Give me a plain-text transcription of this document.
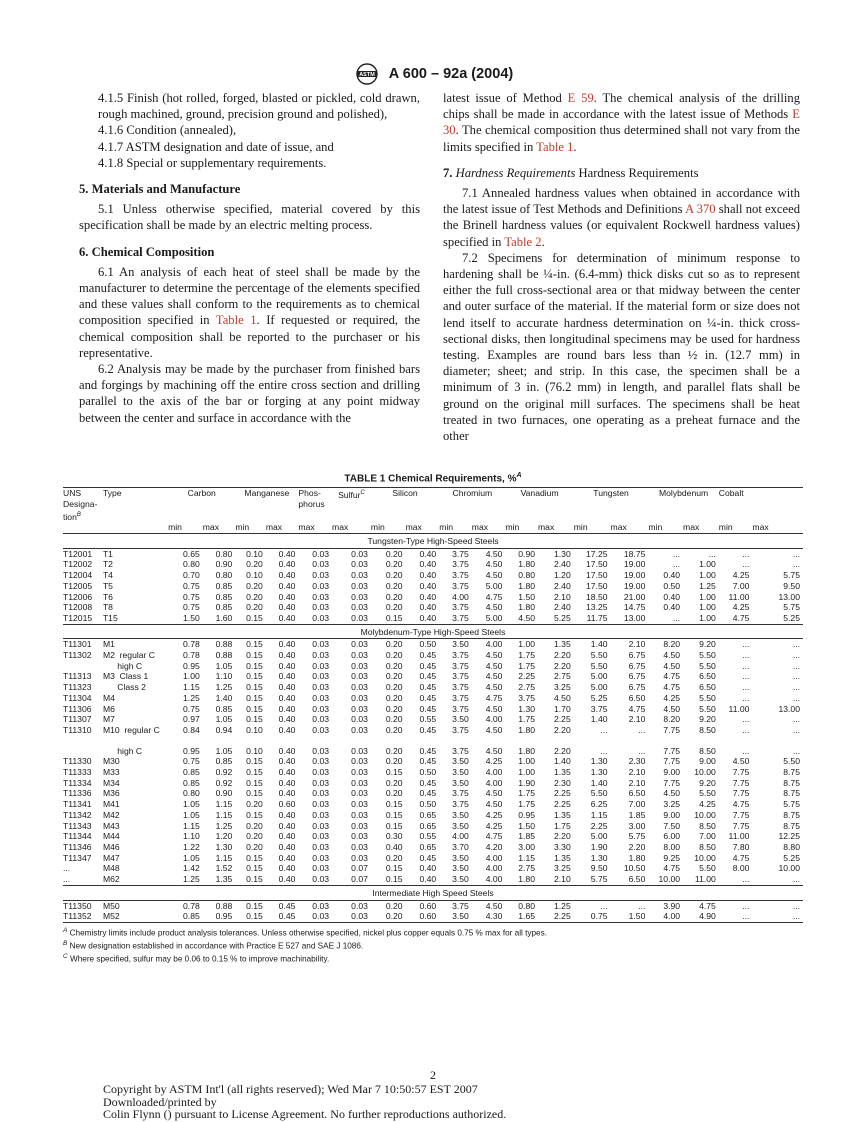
ASTM A 600 – 92a (2004)

4.1.5 Finish (hot rolled, forged, blasted or pickled, cold drawn, rough machined, ground, precision ground and polished),

4.1.6 Condition (annealed),

4.1.7 ASTM designation and date of issue, and

4.1.8 Special or supplementary requirements.

5. Materials and Manufacture

5.1 Unless otherwise specified, material covered by this specification shall be made by an electric melting process.

6. Chemical Composition

6.1 An analysis of each heat of steel shall be made by the manufacturer to determine the percentage of the elements specified and these values shall conform to the requirements as to chemical composition specified in Table 1. If requested or required, the chemical composition shall be reported to the purchaser or his representative.

6.2 Analysis may be made by the purchaser from finished bars and forgings by machining off the entire cross section and drilling parallel to the axis of the bar or forging at any point midway between the center and surface in accordance with the

latest issue of Method E 59. The chemical analysis of the drilling chips shall be made in accordance with the latest issue of Methods E 30. The chemical composition thus determined shall not vary from the limits specified in Table 1.

7. Hardness Requirements Hardness Requirements

7.1 Annealed hardness values when obtained in accordance with the latest issue of Test Methods and Definitions A 370 shall not exceed the Brinell hardness values (or equivalent Rockwell hardness values) specified in Table 2.

7.2 Specimens for determination of minimum response to hardening shall be ¼-in. (6.4-mm) thick disks cut so as to represent either the full cross-sectional area or that midway between the center and outer surface of the material. If the material form or size does not lend itself to accurate hardness determination on ¼-in. thick cross-sectional disks, then longitudinal specimens may be used for hardness testing. Examples are round bars less than ½ in. (12.7 mm) in diameter; sheet; and strip. In this case, the specimen shall be a minimum of 3 in. (76.2 mm) in length, and parallel flats shall be ground on the original mill surfaces. The specimens shall be heat treated in two furnaces, one operating as a preheat furnace and the other

TABLE 1 Chemical Requirements, %$^A$
UNS
Designa-
tion$^B$	Type	Carbon		Manganese		Phos-
phorus	Sulfur$^C$	Silicon		Chromium		Vanadium		Tungsten		Molybdenum		Cobalt	
		min	max	min	max	max	max	min	max	min	max	min	max	min	max	min	max	min	max
Tungsten-Type High-Speed Steels																			
T12001	T1	0.65	0.80	0.10	0.40	0.03	0.03	0.20	0.40	3.75	4.50	0.90	1.30	17.25	18.75	...	...	...	...
T12002	T2	0.80	0.90	0.20	0.40	0.03	0.03	0.20	0.40	3.75	4.50	1.80	2.40	17.50	19.00	...	1.00	...	...
T12004	T4	0.70	0.80	0.10	0.40	0.03	0.03	0.20	0.40	3.75	4.50	0.80	1.20	17.50	19.00	0.40	1.00	4.25	5.75
T12005	T5	0.75	0.85	0.20	0.40	0.03	0.03	0.20	0.40	3.75	5.00	1.80	2.40	17.50	19.00	0.50	1.25	7.00	9.50
T12006	T6	0.75	0.85	0.20	0.40	0.03	0.03	0.20	0.40	4.00	4.75	1.50	2.10	18.50	21.00	0.40	1.00	11.00	13.00
T12008	T8	0.75	0.85	0.20	0.40	0.03	0.03	0.20	0.40	3.75	4.50	1.80	2.40	13.25	14.75	0.40	1.00	4.25	5.75
T12015	T15	1.50	1.60	0.15	0.40	0.03	0.03	0.15	0.40	3.75	5.00	4.50	5.25	11.75	13.00	...	1.00	4.75	5.25
Molybdenum-Type High-Speed Steels																			
T11301	M1	0.78	0.88	0.15	0.40	0.03	0.03	0.20	0.50	3.50	4.00	1.00	1.35	1.40	2.10	8.20	9.20	...	...
T11302	M2  regular C	0.78	0.88	0.15	0.40	0.03	0.03	0.20	0.45	3.75	4.50	1.75	2.20	5.50	6.75	4.50	5.50	...	...
	high C	0.95	1.05	0.15	0.40	0.03	0.03	0.20	0.45	3.75	4.50	1.75	2.20	5.50	6.75	4.50	5.50	...	...
T11313	M3  Class 1	1.00	1.10	0.15	0.40	0.03	0.03	0.20	0.45	3.75	4.50	2.25	2.75	5.00	6.75	4.75	6.50	...	...
T11323	Class 2	1.15	1.25	0.15	0.40	0.03	0.03	0.20	0.45	3.75	4.50	2.75	3.25	5.00	6.75	4.75	6.50	...	...
T11304	M4	1.25	1.40	0.15	0.40	0.03	0.03	0.20	0.45	3.75	4.75	3.75	4.50	5.25	6.50	4.25	5.50	...	...
T11306	M6	0.75	0.85	0.15	0.40	0.03	0.03	0.20	0.45	3.75	4.50	1.30	1.70	3.75	4.75	4.50	5.50	11.00	13.00
T11307	M7	0.97	1.05	0.15	0.40	0.03	0.03	0.20	0.55	3.50	4.00	1.75	2.25	1.40	2.10	8.20	9.20	...	...
T11310	M10  regular C	0.84	0.94	0.10	0.40	0.03	0.03	0.20	0.45	3.75	4.50	1.80	2.20	...	...	7.75	8.50	...	...

	high C	0.95	1.05	0.10	0.40	0.03	0.03	0.20	0.45	3.75	4.50	1.80	2.20	...	...	7.75	8.50	...	...
T11330	M30	0.75	0.85	0.15	0.40	0.03	0.03	0.20	0.45	3.50	4.25	1.00	1.40	1.30	2.30	7.75	9.00	4.50	5.50
T11333	M33	0.85	0.92	0.15	0.40	0.03	0.03	0.15	0.50	3.50	4.00	1.00	1.35	1.30	2.10	9.00	10.00	7.75	8.75
T11334	M34	0.85	0.92	0.15	0.40	0.03	0.03	0.20	0.45	3.50	4.00	1.90	2.30	1.40	2.10	7.75	9.20	7.75	8.75
T11336	M36	0.80	0.90	0.15	0.40	0.03	0.03	0.20	0.45	3.75	4.50	1.75	2.25	5.50	6.50	4.50	5.50	7.75	8.75
T11341	M41	1.05	1.15	0.20	0.60	0.03	0.03	0.15	0.50	3.75	4.50	1.75	2.25	6.25	7.00	3.25	4.25	4.75	5.75
T11342	M42	1.05	1.15	0.15	0.40	0.03	0.03	0.15	0.65	3.50	4.25	0.95	1.35	1.15	1.85	9.00	10.00	7.75	8.75
T11343	M43	1.15	1.25	0.20	0.40	0.03	0.03	0.15	0.65	3.50	4.25	1.50	1.75	2.25	3.00	7.50	8.50	7.75	8.75
T11344	M44	1.10	1.20	0.20	0.40	0.03	0.03	0.30	0.55	4.00	4.75	1.85	2.20	5.00	5.75	6.00	7.00	11.00	12.25
T11346	M46	1.22	1.30	0.20	0.40	0.03	0.03	0.40	0.65	3.70	4.20	3.00	3.30	1.90	2.20	8.00	8.50	7.80	8.80
T11347	M47	1.05	1.15	0.15	0.40	0.03	0.03	0.20	0.45	3.50	4.00	1.15	1.35	1.30	1.80	9.25	10.00	4.75	5.25
...	M48	1.42	1.52	0.15	0.40	0.03	0.07	0.15	0.40	3.50	4.00	2.75	3.25	9.50	10.50	4.75	5.50	8.00	10.00
...	M62	1.25	1.35	0.15	0.40	0.03	0.07	0.15	0.40	3.50	4.00	1.80	2.10	5.75	6.50	10.00	11.00	...	...
Intermediate High Speed Steels																			
T11350	M50	0.78	0.88	0.15	0.45	0.03	0.03	0.20	0.60	3.75	4.50	0.80	1.25	...	...	3.90	4.75	...	...
T11352	M52	0.85	0.95	0.15	0.45	0.03	0.03	0.20	0.60	3.50	4.30	1.65	2.25	0.75	1.50	4.00	4.90	...	...
$^A$ Chemistry limits include product analysis tolerances. Unless otherwise specified, nickel plus copper equals 0.75 % max for all types.
$^B$ New designation established in accordance with Practice E 527 and SAE J 1086.
$^C$ Where specified, sulfur may be 0.06 to 0.15 % to improve machinability.
2
Copyright by ASTM Int'l (all rights reserved); Wed Mar 7 10:50:57 EST 2007
Downloaded/printed by
Colin Flynn () pursuant to License Agreement. No further reproductions authorized.
